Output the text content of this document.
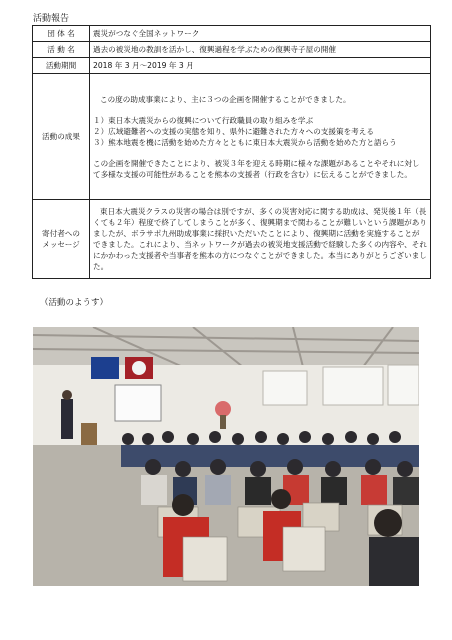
活動報告
団 体 名	震災がつなぐ全国ネットワーク
活 動 名	過去の被災地の教訓を活かし、復興過程を学ぶための復興寺子屋の開催
活動期間	2018 年 3 月～2019 年 3 月
活動の成果	この度の助成事業により、主に３つの企画を開催することができました。

１）東日本大震災からの復興について行政職員の取り組みを学ぶ

２）広域避難者への支援の実態を知り、県外に避難された方々への支援策を考える

３）熊本地震を機に活動を始めた方々とともに東日本大震災から活動を始めた方と語らう

この企画を開催できたことにより、被災３年を迎える時期に様々な課題があることやそれに対して多様な支援の可能性があることを熊本の支援者（行政を含む）に伝えることができました。

寄付者への
メッセージ	東日本大震災クラスの災害の場合は別ですが、多くの災害対応に関する助成は、発災後１年（長くても２年）程度で終了してしまうことが多く、復興期まで関わることが難しいという課題がありましたが、ボラサポ九州助成事業に採択いただいたことにより、復興期に活動を実施することができました。これにより、当ネットワークが過去の被災地支援活動で経験した多くの内容や、それにかかわった支援者や当事者を熊本の方につなぐことができました。本当にありがとうございました。

（活動のようす）
